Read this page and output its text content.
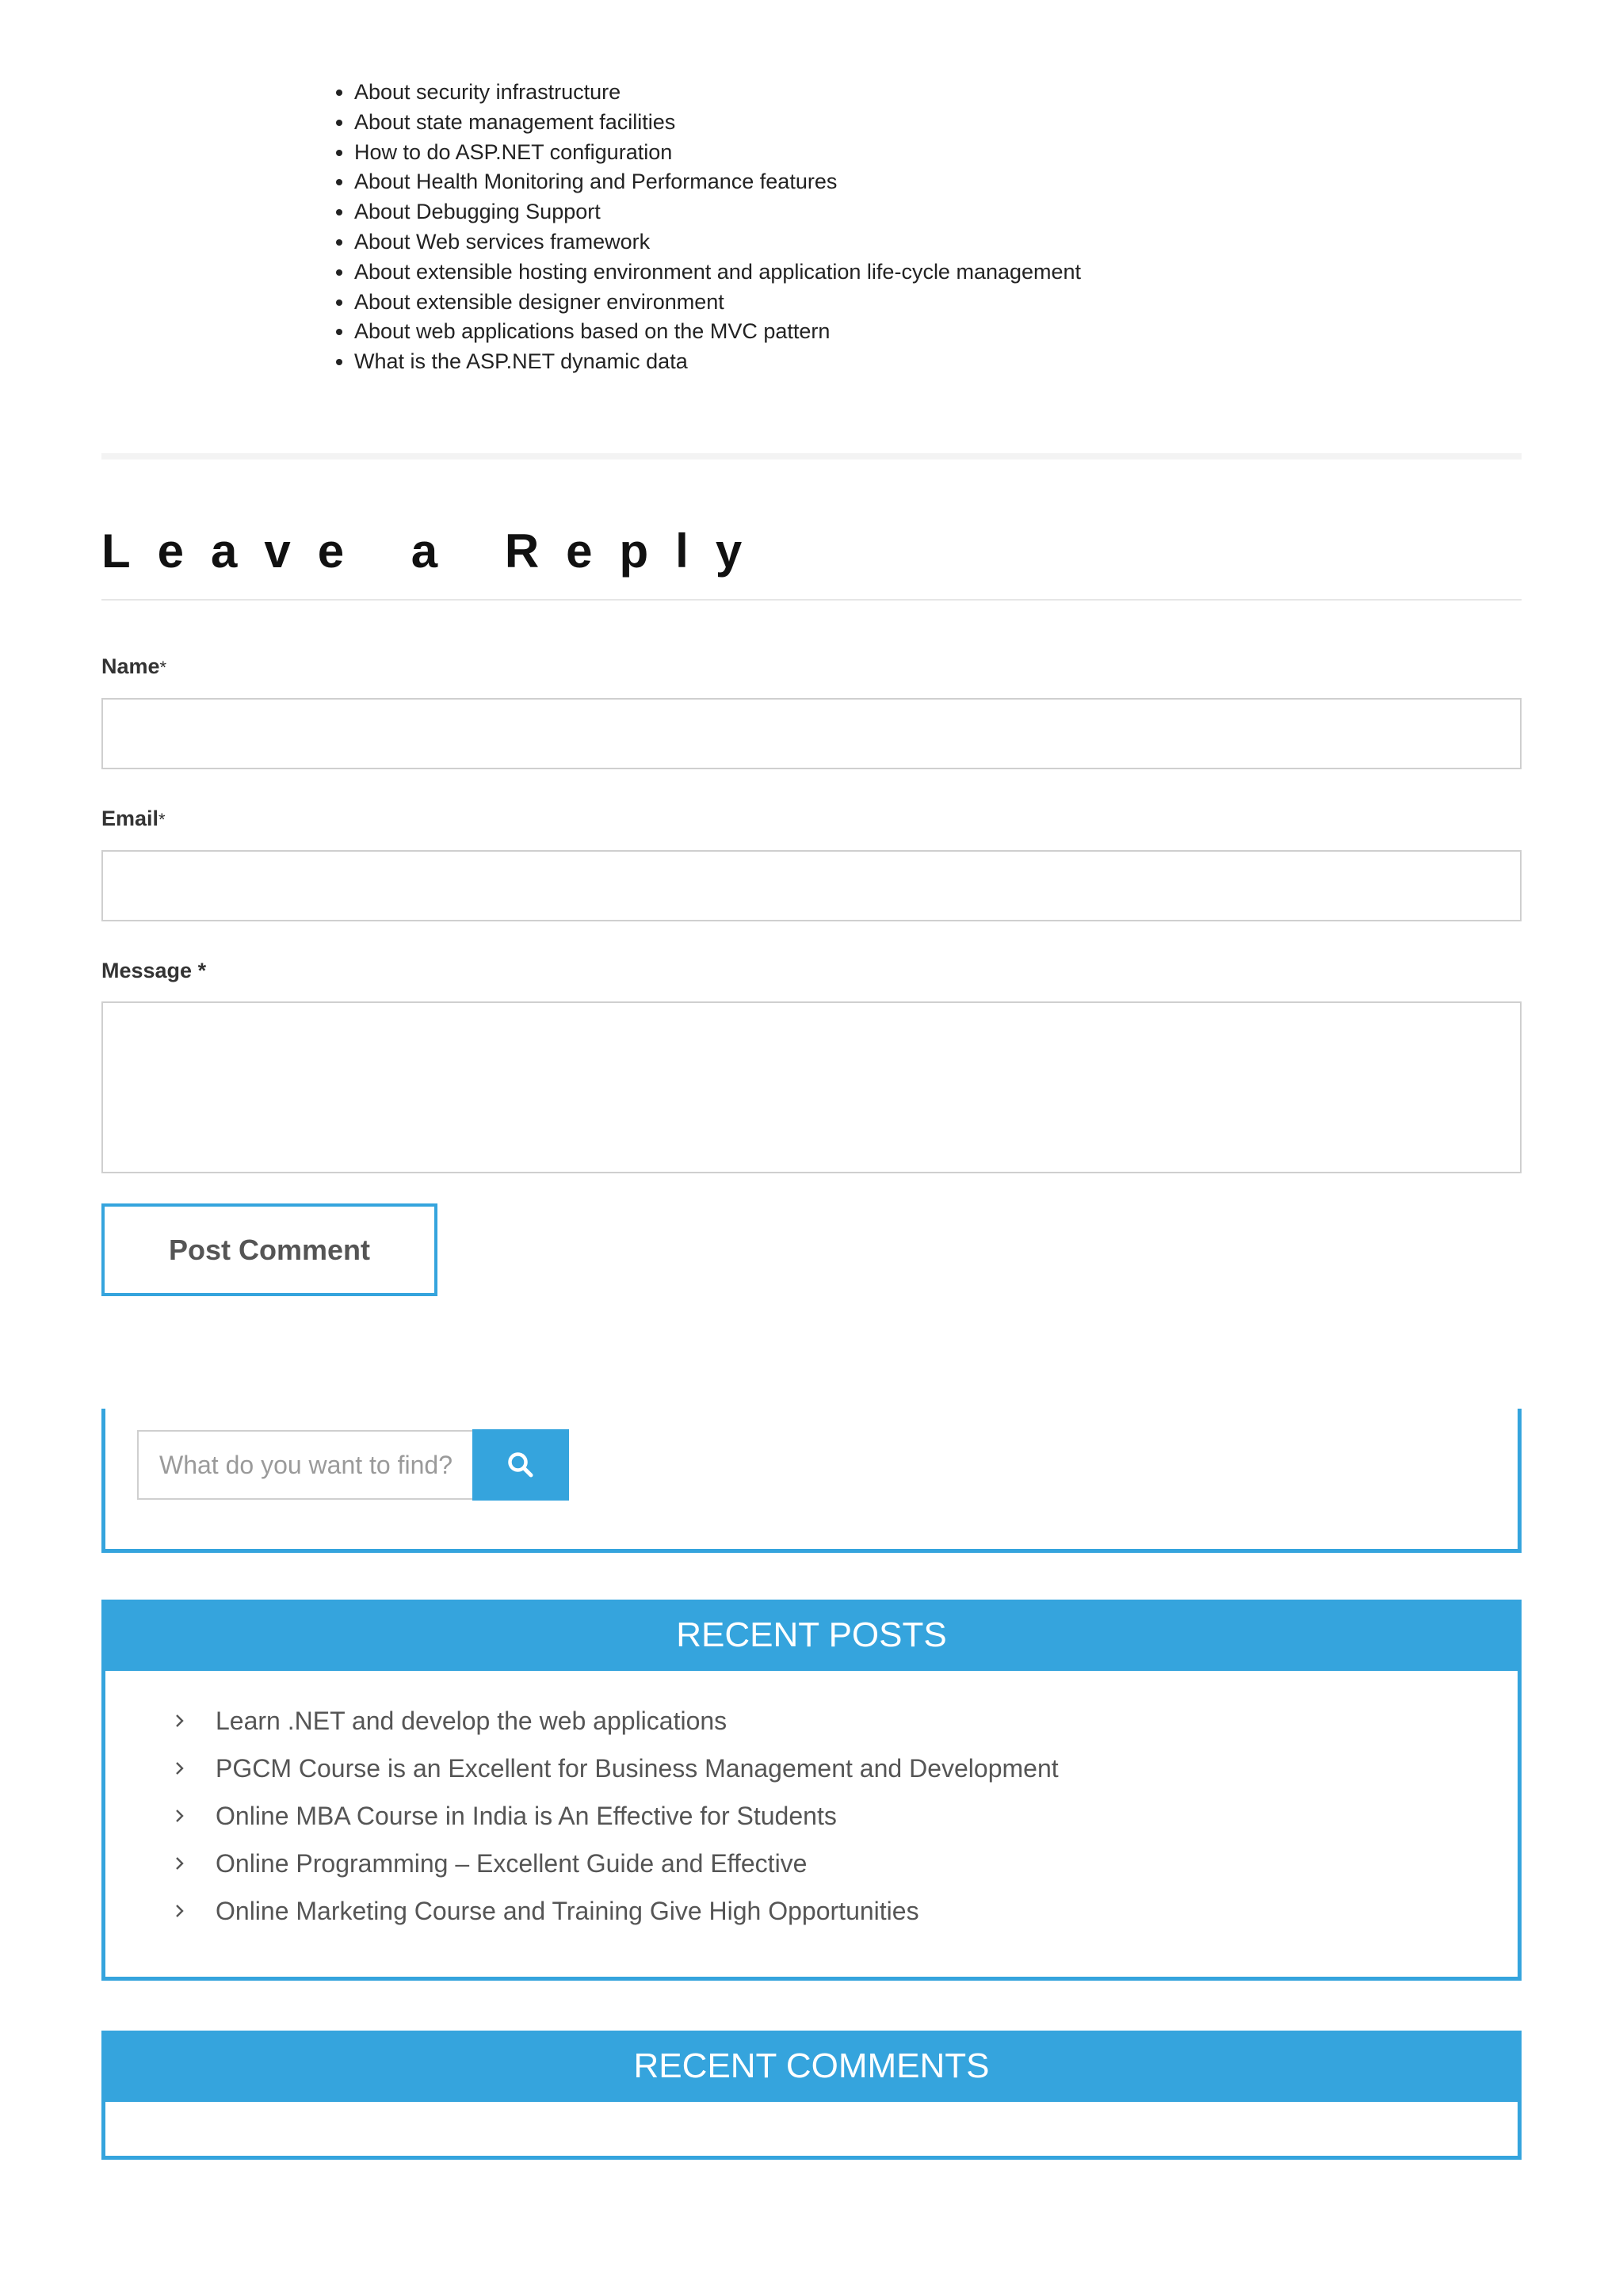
• About security infrastructure
• About state management facilities
• How to do ASP.NET configuration
• About Health Monitoring and Performance features
• About Debugging Support
• About Web services framework
• About extensible hosting environment and application life-cycle management
• About extensible designer environment
• About web applications based on the MVC pattern
• What is the ASP.NET dynamic data
Leave a Reply
Name*
Email*
Message *
Post Comment
What do you want to find?
RECENT POSTS
Learn .NET and develop the web applications
PGCM Course is an Excellent for Business Management and Development
Online MBA Course in India is An Effective for Students
Online Programming – Excellent Guide and Effective
Online Marketing Course and Training Give High Opportunities
RECENT COMMENTS
